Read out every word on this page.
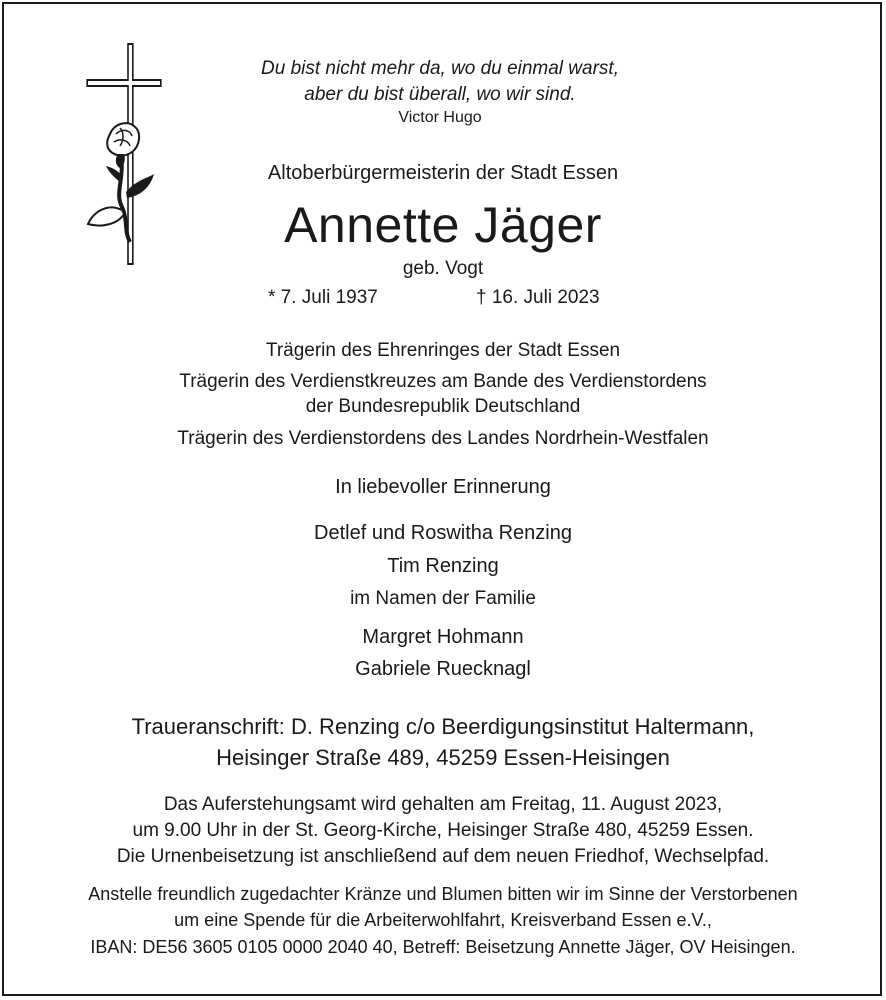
Du bist nicht mehr da, wo du einmal warst,
aber du bist überall, wo wir sind.
Victor Hugo
Altoberbürgermeisterin der Stadt Essen
Annette Jäger
geb. Vogt
* 7. Juli 1937	† 16. Juli 2023
Trägerin des Ehrenringes der Stadt Essen
Trägerin des Verdienstkreuzes am Bande des Verdienstordens
der Bundesrepublik Deutschland
Trägerin des Verdienstordens des Landes Nordrhein-Westfalen
In liebevoller Erinnerung
Detlef und Roswitha Renzing
Tim Renzing
im Namen der Familie
Margret Hohmann
Gabriele Ruecknagl
Traueranschrift: D. Renzing c/o Beerdigungsinstitut Haltermann,
Heisinger Straße 489, 45259 Essen-Heisingen
Das Auferstehungsamt wird gehalten am Freitag, 11. August 2023,
um 9.00 Uhr in der St. Georg-Kirche, Heisinger Straße 480, 45259 Essen.
Die Urnenbeisetzung ist anschließend auf dem neuen Friedhof, Wechselpfad.
Anstelle freundlich zugedachter Kränze und Blumen bitten wir im Sinne der Verstorbenen
um eine Spende für die Arbeiterwohlfahrt, Kreisverband Essen e.V.,
IBAN: DE56 3605 0105 0000 2040 40, Betreff: Beisetzung Annette Jäger, OV Heisingen.
